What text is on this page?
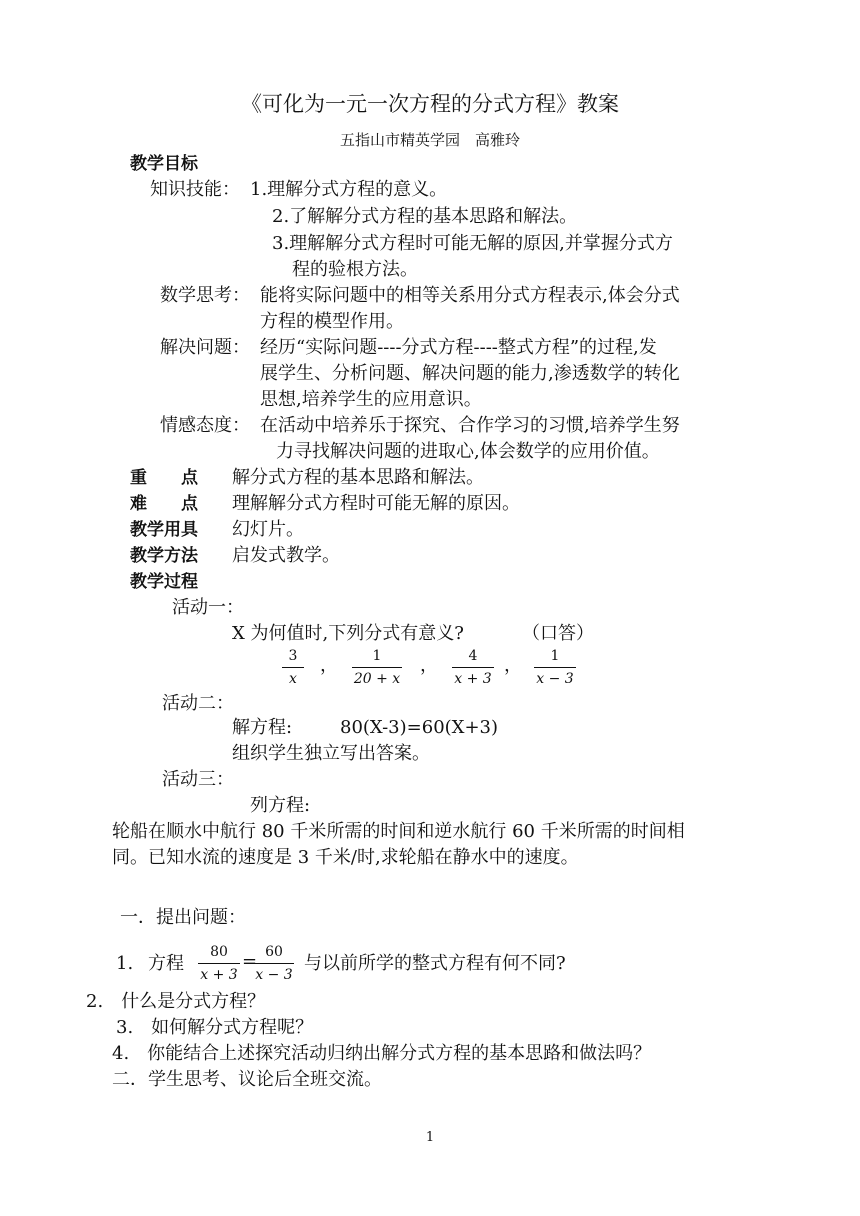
《可化为一元一次方程的分式方程》教案
五指山市精英学园　高雅玲
教学目标
知识技能： 1.理解分式方程的意义。
2.了解解分式方程的基本思路和解法。
3.理解解分式方程时可能无解的原因,并掌握分式方
程的验根方法。
数学思考： 能将实际问题中的相等关系用分式方程表示,体会分式
方程的模型作用。
解决问题： 经历“实际问题----分式方程----整式方程”的过程,发
展学生、分析问题、解决问题的能力,渗透数学的转化
思想,培养学生的应用意识。
情感态度： 在活动中培养乐于探究、合作学习的习惯,培养学生努
力寻找解决问题的进取心,体会数学的应用价值。
重　　点 解分式方程的基本思路和解法。
难　　点 理解解分式方程时可能无解的原因。
教学用具 幻灯片。
教学方法 启发式教学。
教学过程
活动一：
X 为何值时,下列分式有意义?	（口答）
3
x
，	1
20 + x
，	4
x + 3
，	1
x − 3
活动二：
解方程:	80(X-3)=60(X+3)
组织学生独立写出答案。
活动三：
列方程:
轮船在顺水中航行 80 千米所需的时间和逆水航行 60 千米所需的时间相
同。已知水流的速度是 3 千米/时,求轮船在静水中的速度。
一．提出问题：
1. 方程
80
x + 3
= 60
x − 3
与以前所学的整式方程有何不同?
2.　什么是分式方程？
3.　如何解分式方程呢？
4.　你能结合上述探究活动归纳出解分式方程的基本思路和做法吗？
二．学生思考、议论后全班交流。
1
